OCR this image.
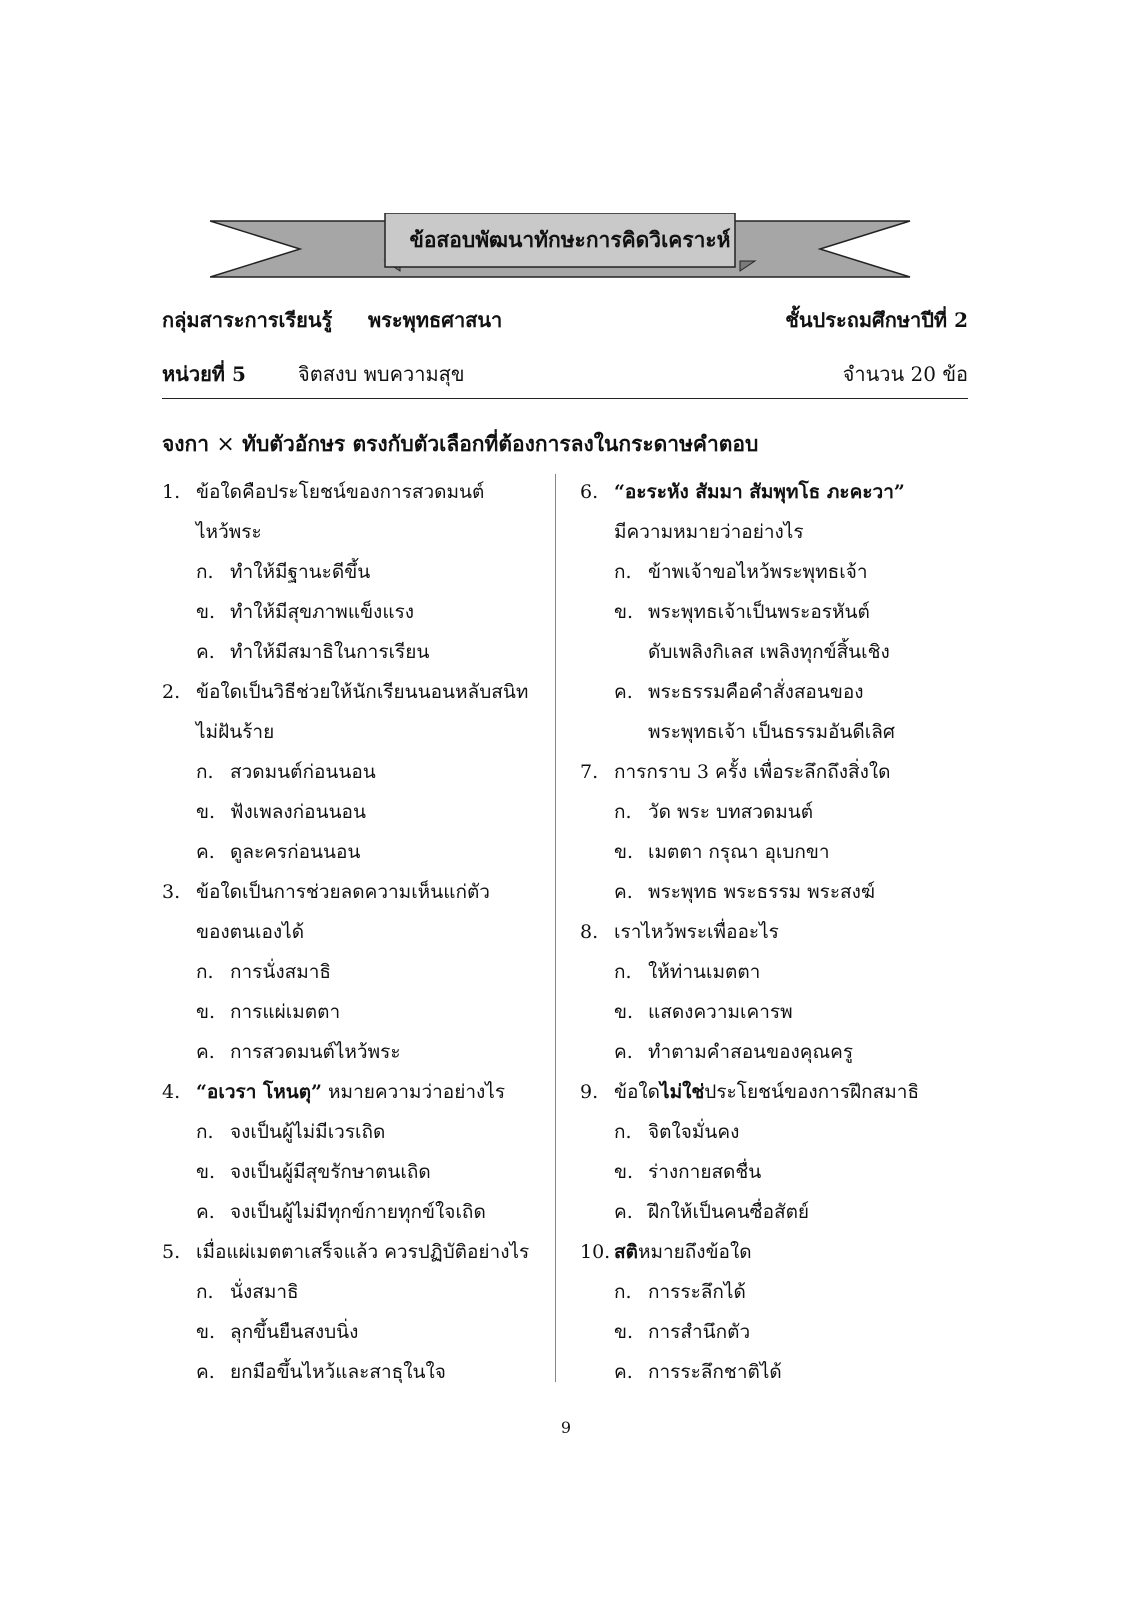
ข้อสอบพัฒนาทักษะการคิดวิเคราะห์
กลุ่มสาระการเรียนรู้ พระพุทธศาสนา	ชั้นประถมศึกษาปีที่ 2
หน่วยที่ 5	จิตสงบ พบความสุข	จำนวน 20 ข้อ
จงกา × ทับตัวอักษร ตรงกับตัวเลือกที่ต้องการลงในกระดาษคำตอบ
1. ข้อใดคือประโยชน์ของการสวดมนต์
ไหว้พระ
ก. ทำให้มีฐานะดีขึ้น
ข. ทำให้มีสุขภาพแข็งแรง
ค. ทำให้มีสมาธิในการเรียน
2. ข้อใดเป็นวิธีช่วยให้นักเรียนนอนหลับสนิท
ไม่ฝันร้าย
ก. สวดมนต์ก่อนนอน
ข. ฟังเพลงก่อนนอน
ค. ดูละครก่อนนอน
3. ข้อใดเป็นการช่วยลดความเห็นแก่ตัว
ของตนเองได้
ก. การนั่งสมาธิ
ข. การแผ่เมตตา
ค. การสวดมนต์ไหว้พระ
4. “อเวรา โหนตุ” หมายความว่าอย่างไร
ก. จงเป็นผู้ไม่มีเวรเถิด
ข. จงเป็นผู้มีสุขรักษาตนเถิด
ค. จงเป็นผู้ไม่มีทุกข์กายทุกข์ใจเถิด
5. เมื่อแผ่เมตตาเสร็จแล้ว ควรปฏิบัติอย่างไร
ก. นั่งสมาธิ
ข. ลุกขึ้นยืนสงบนิ่ง
ค. ยกมือขึ้นไหว้และสาธุในใจ
6. “อะระหัง สัมมา สัมพุทโธ ภะคะวา”
มีความหมายว่าอย่างไร
ก. ข้าพเจ้าขอไหว้พระพุทธเจ้า
ข. พระพุทธเจ้าเป็นพระอรหันต์
ดับเพลิงกิเลส เพลิงทุกข์สิ้นเชิง
ค. พระธรรมคือคำสั่งสอนของ
พระพุทธเจ้า เป็นธรรมอันดีเลิศ
7. การกราบ 3 ครั้ง เพื่อระลึกถึงสิ่งใด
ก. วัด พระ บทสวดมนต์
ข. เมตตา กรุณา อุเบกขา
ค. พระพุทธ พระธรรม พระสงฆ์
8. เราไหว้พระเพื่ออะไร
ก. ให้ท่านเมตตา
ข. แสดงความเคารพ
ค. ทำตามคำสอนของคุณครู
9. ข้อใดไม่ใช่ประโยชน์ของการฝึกสมาธิ
ก. จิตใจมั่นคง
ข. ร่างกายสดชื่น
ค. ฝึกให้เป็นคนซื่อสัตย์
10. สติหมายถึงข้อใด
ก. การระลึกได้
ข. การสำนึกตัว
ค. การระลึกชาติได้
9
